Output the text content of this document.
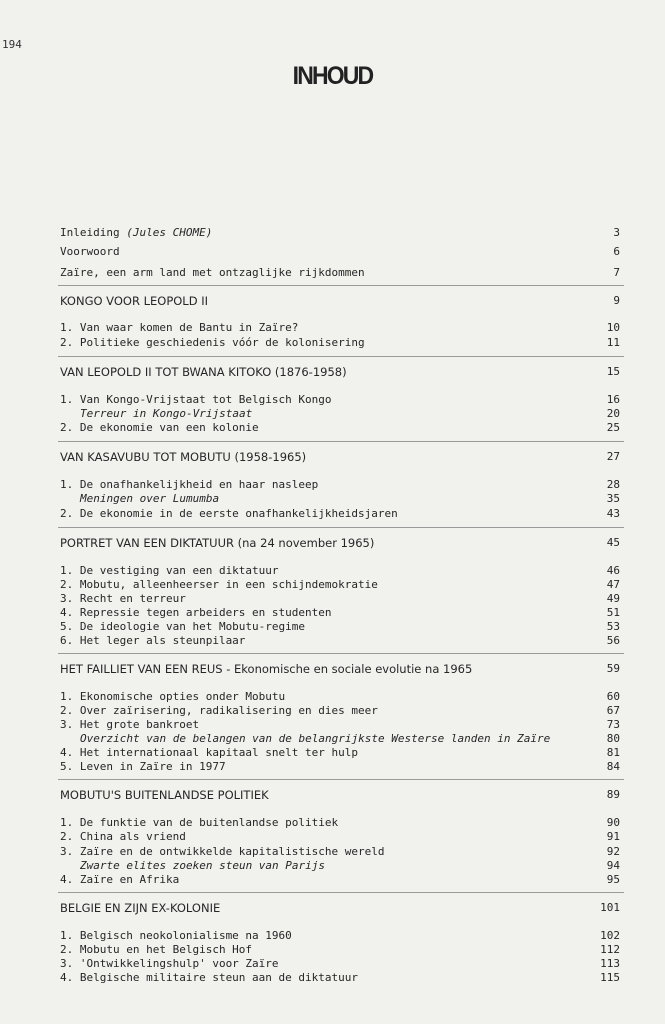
194
INHOUD
Inleiding (Jules CHOME)	3
Voorwoord	6
Zaïre, een arm land met ontzaglijke rijkdommen	7
KONGO VOOR LEOPOLD II	9
1. Van waar komen de Bantu in Zaïre?	10
2. Politieke geschiedenis vóór de kolonisering	11
VAN LEOPOLD II TOT BWANA KITOKO (1876-1958)	15
1. Van Kongo-Vrijstaat tot Belgisch Kongo	16
Terreur in Kongo-Vrijstaat	20
2. De ekonomie van een kolonie	25
VAN KASAVUBU TOT MOBUTU (1958-1965)	27
1. De onafhankelijkheid en haar nasleep	28
Meningen over Lumumba	35
2. De ekonomie in de eerste onafhankelijkheidsjaren	43
PORTRET VAN EEN DIKTATUUR (na 24 november 1965)	45
1. De vestiging van een diktatuur	46
2. Mobutu, alleenheerser in een schijndemokratie	47
3. Recht en terreur	49
4. Repressie tegen arbeiders en studenten	51
5. De ideologie van het Mobutu-regime	53
6. Het leger als steunpilaar	56
HET FAILLIET VAN EEN REUS - Ekonomische en sociale evolutie na 1965	59
1. Ekonomische opties onder Mobutu	60
2. Over zaïrisering, radikalisering en dies meer	67
3. Het grote bankroet	73
Overzicht van de belangen van de belangrijkste Westerse landen in Zaïre	80
4. Het internationaal kapitaal snelt ter hulp	81
5. Leven in Zaïre in 1977	84
MOBUTU'S BUITENLANDSE POLITIEK	89
1. De funktie van de buitenlandse politiek	90
2. China als vriend	91
3. Zaïre en de ontwikkelde kapitalistische wereld	92
Zwarte elites zoeken steun van Parijs	94
4. Zaïre en Afrika	95
BELGIE EN ZIJN EX-KOLONIE	101
1. Belgisch neokolonialisme na 1960	102
2. Mobutu en het Belgisch Hof	112
3. 'Ontwikkelingshulp' voor Zaïre	113
4. Belgische militaire steun aan de diktatuur	115
